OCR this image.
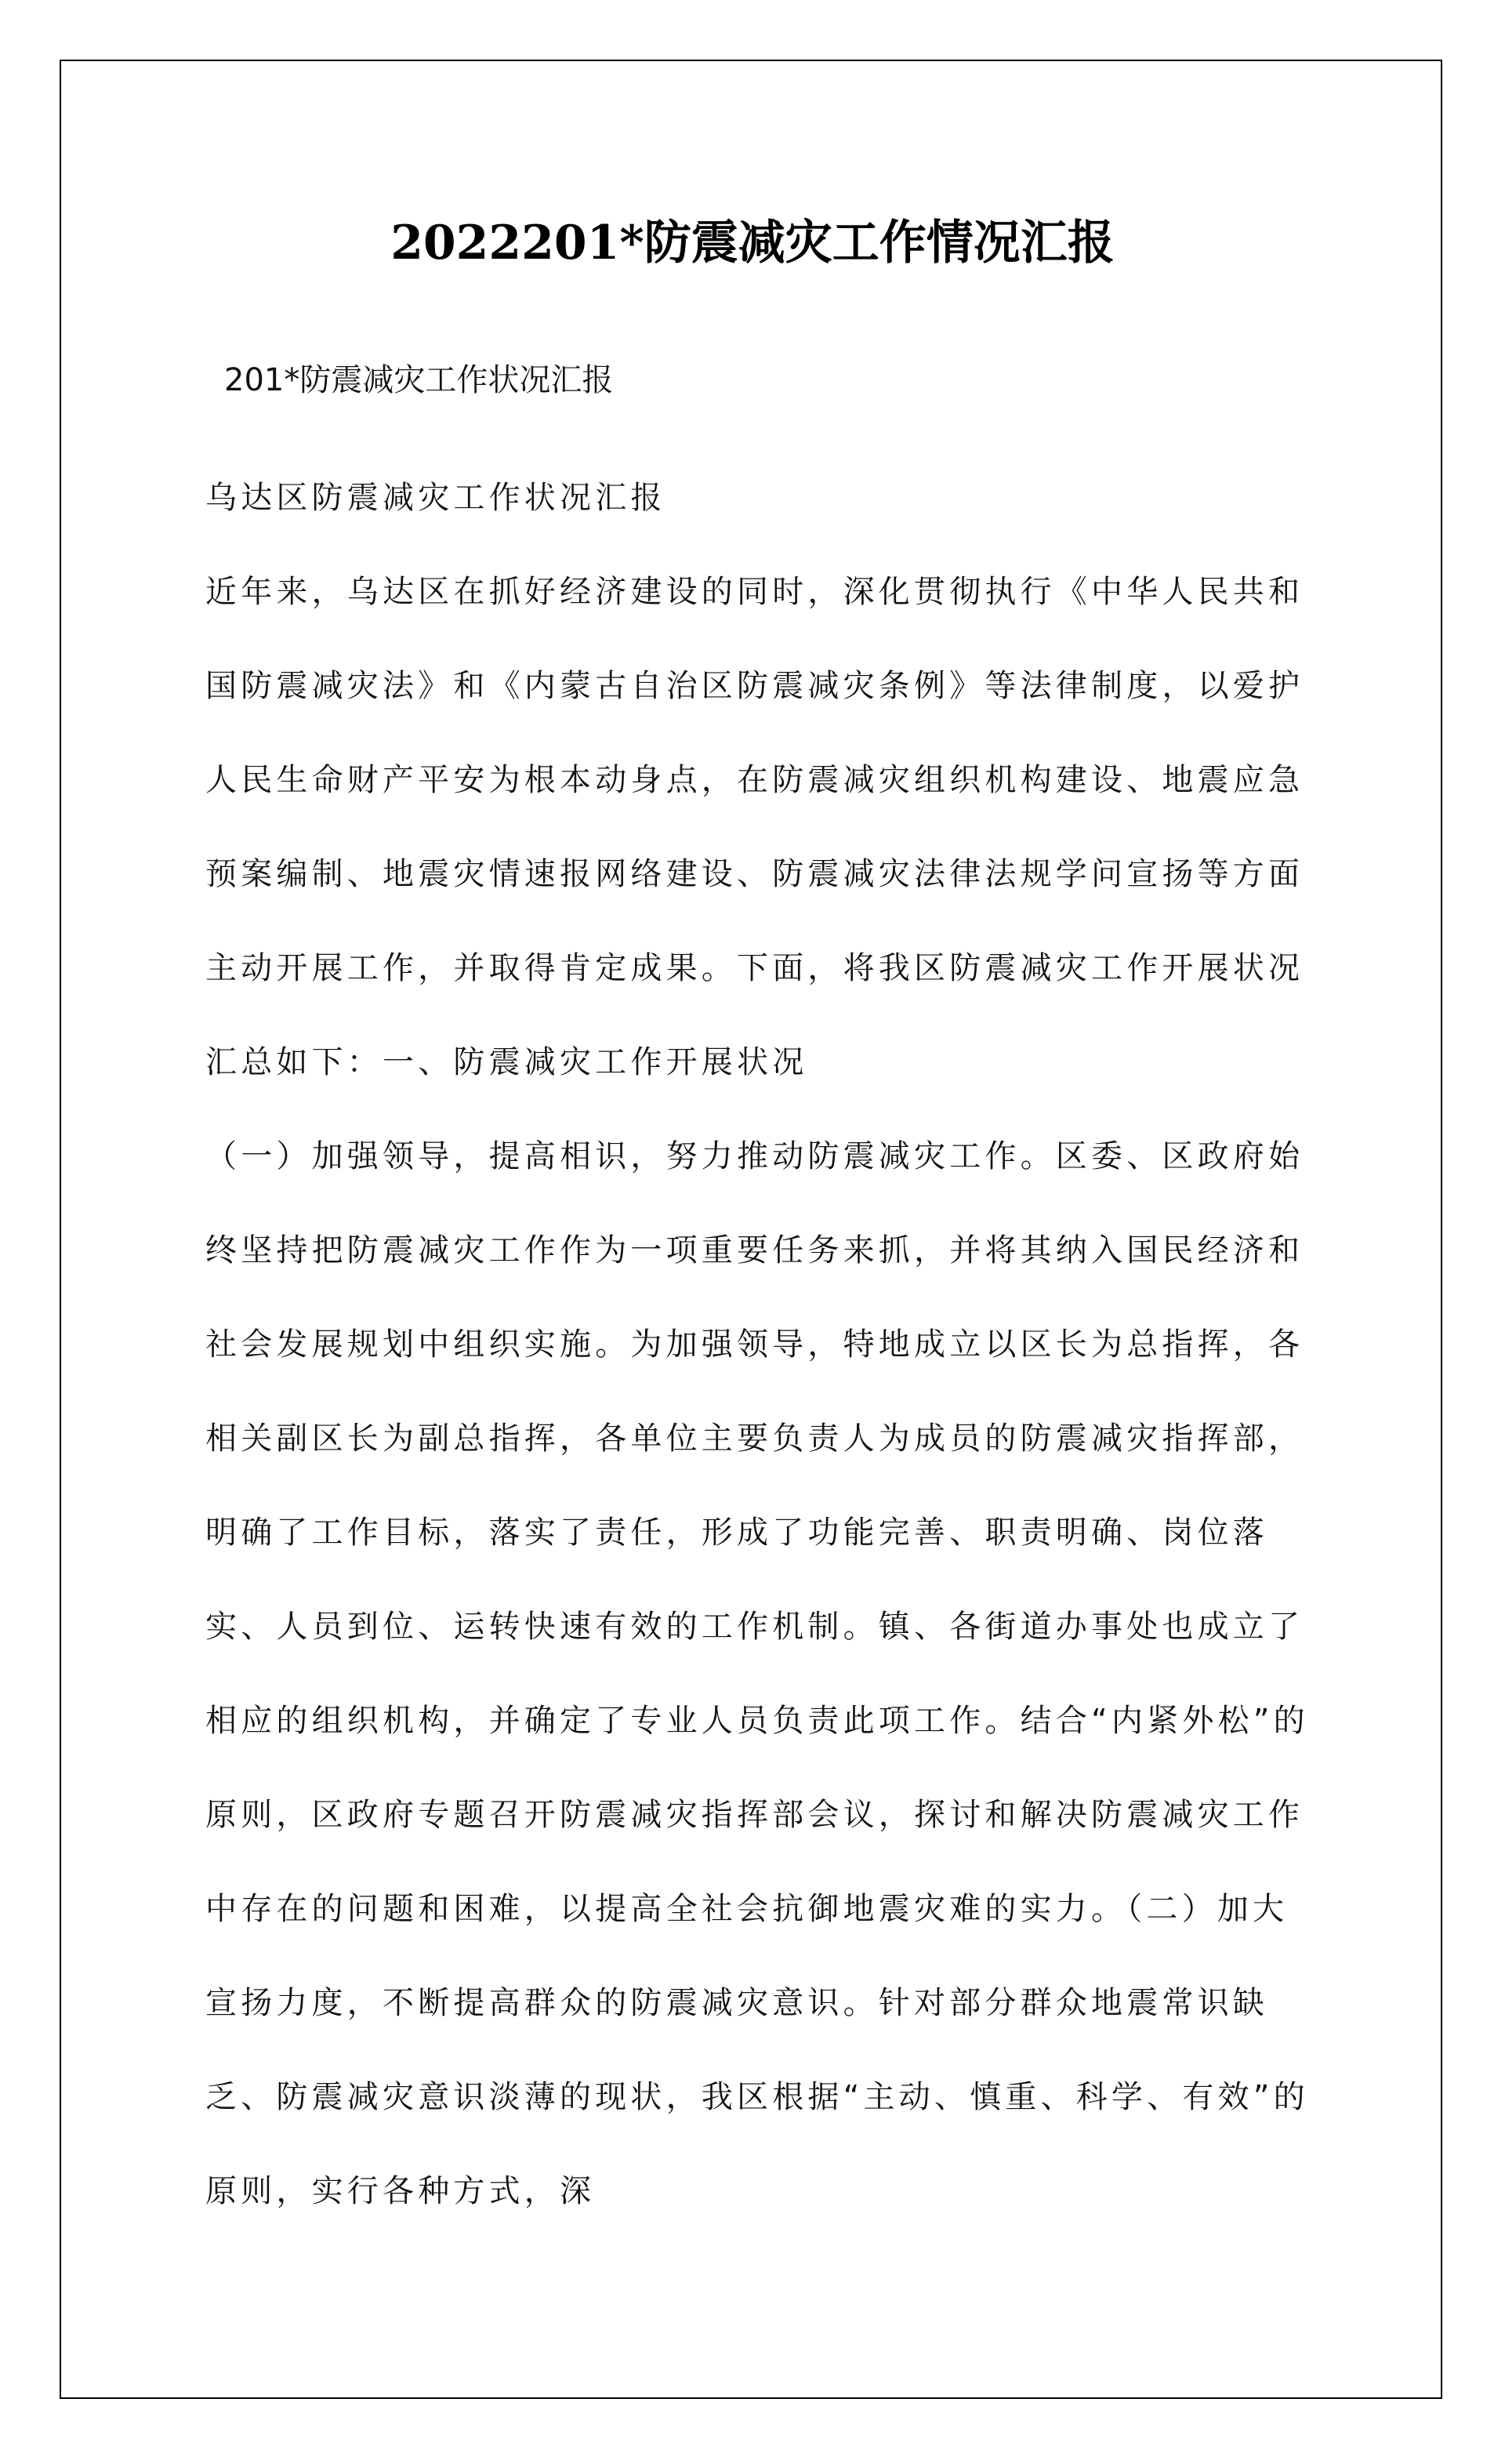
2022201*防震减灾工作情况汇报
201*防震减灾工作状况汇报

乌达区防震减灾工作状况汇报

近年来，乌达区在抓好经济建设的同时，深化贯彻执行《中华人民共和国防震减灾法》和《内蒙古自治区防震减灾条例》等法律制度，以爱护人民生命财产平安为根本动身点，在防震减灾组织机构建设、地震应急预案编制、地震灾情速报网络建设、防震减灾法律法规学问宣扬等方面主动开展工作，并取得肯定成果。下面，将我区防震减灾工作开展状况汇总如下：一、防震减灾工作开展状况

（一）加强领导，提高相识，努力推动防震减灾工作。区委、区政府始终坚持把防震减灾工作作为一项重要任务来抓，并将其纳入国民经济和社会发展规划中组织实施。为加强领导，特地成立以区长为总指挥，各相关副区长为副总指挥，各单位主要负责人为成员的防震减灾指挥部，明确了工作目标，落实了责任，形成了功能完善、职责明确、岗位落实、人员到位、运转快速有效的工作机制。镇、各街道办事处也成立了相应的组织机构，并确定了专业人员负责此项工作。结合“内紧外松”的原则，区政府专题召开防震减灾指挥部会议，探讨和解决防震减灾工作中存在的问题和困难，以提高全社会抗御地震灾难的实力。（二）加大宣扬力度，不断提高群众的防震减灾意识。针对部分群众地震常识缺乏、防震减灾意识淡薄的现状，我区根据“主动、慎重、科学、有效”的原则，实行各种方式，深
